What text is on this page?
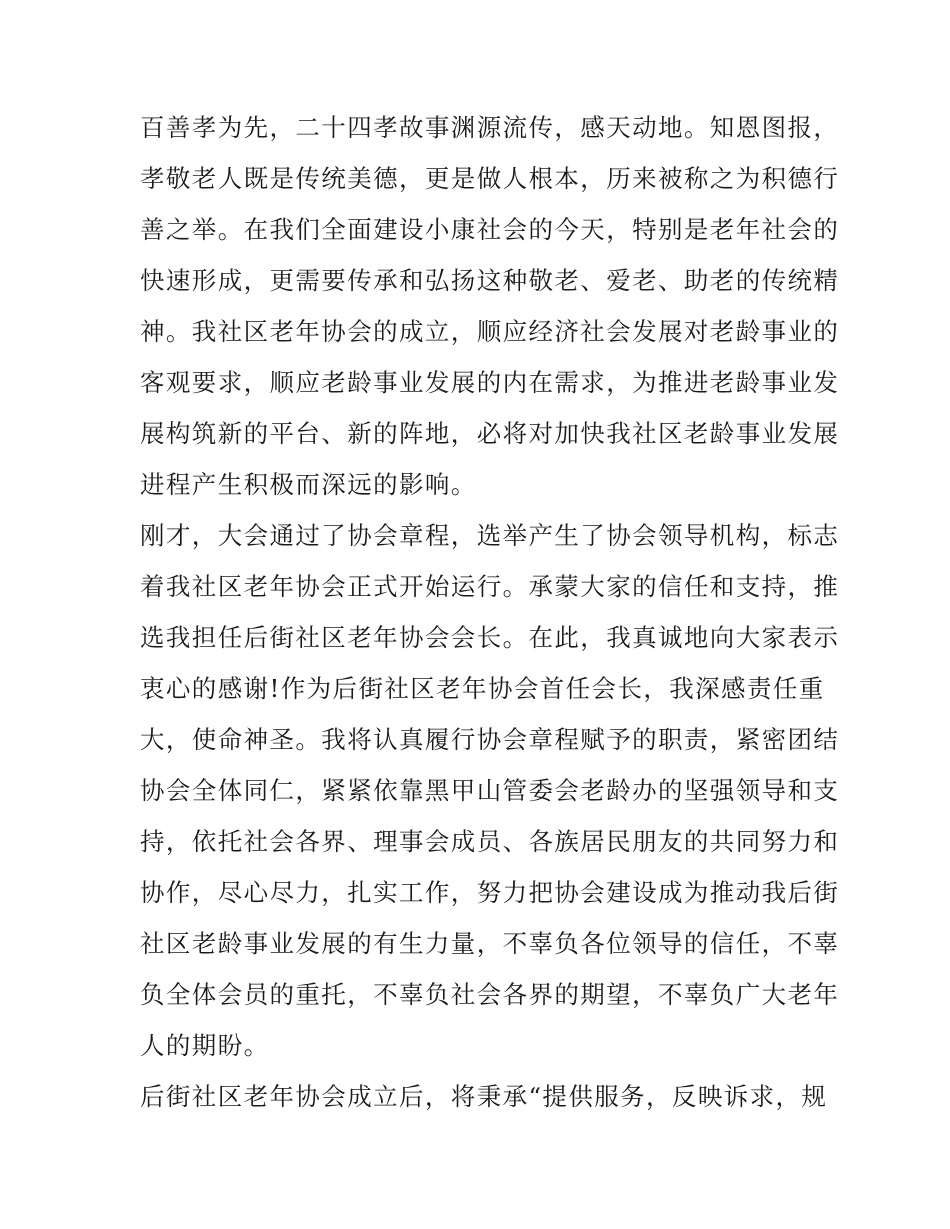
百善孝为先，二十四孝故事渊源流传，感天动地。知恩图报，
孝敬老人既是传统美德，更是做人根本，历来被称之为积德行
善之举。在我们全面建设小康社会的今天，特别是老年社会的
快速形成，更需要传承和弘扬这种敬老、爱老、助老的传统精
神。我社区老年协会的成立，顺应经济社会发展对老龄事业的
客观要求，顺应老龄事业发展的内在需求，为推进老龄事业发
展构筑新的平台、新的阵地，必将对加快我社区老龄事业发展
进程产生积极而深远的影响。
刚才，大会通过了协会章程，选举产生了协会领导机构，标志
着我社区老年协会正式开始运行。承蒙大家的信任和支持，推
选我担任后街社区老年协会会长。在此，我真诚地向大家表示
衷心的感谢!作为后街社区老年协会首任会长，我深感责任重
大，使命神圣。我将认真履行协会章程赋予的职责，紧密团结
协会全体同仁，紧紧依靠黑甲山管委会老龄办的坚强领导和支
持，依托社会各界、理事会成员、各族居民朋友的共同努力和
协作，尽心尽力，扎实工作，努力把协会建设成为推动我后街
社区老龄事业发展的有生力量，不辜负各位领导的信任，不辜
负全体会员的重托，不辜负社会各界的期望，不辜负广大老年
人的期盼。
后街社区老年协会成立后，将秉承“提供服务，反映诉求，规
